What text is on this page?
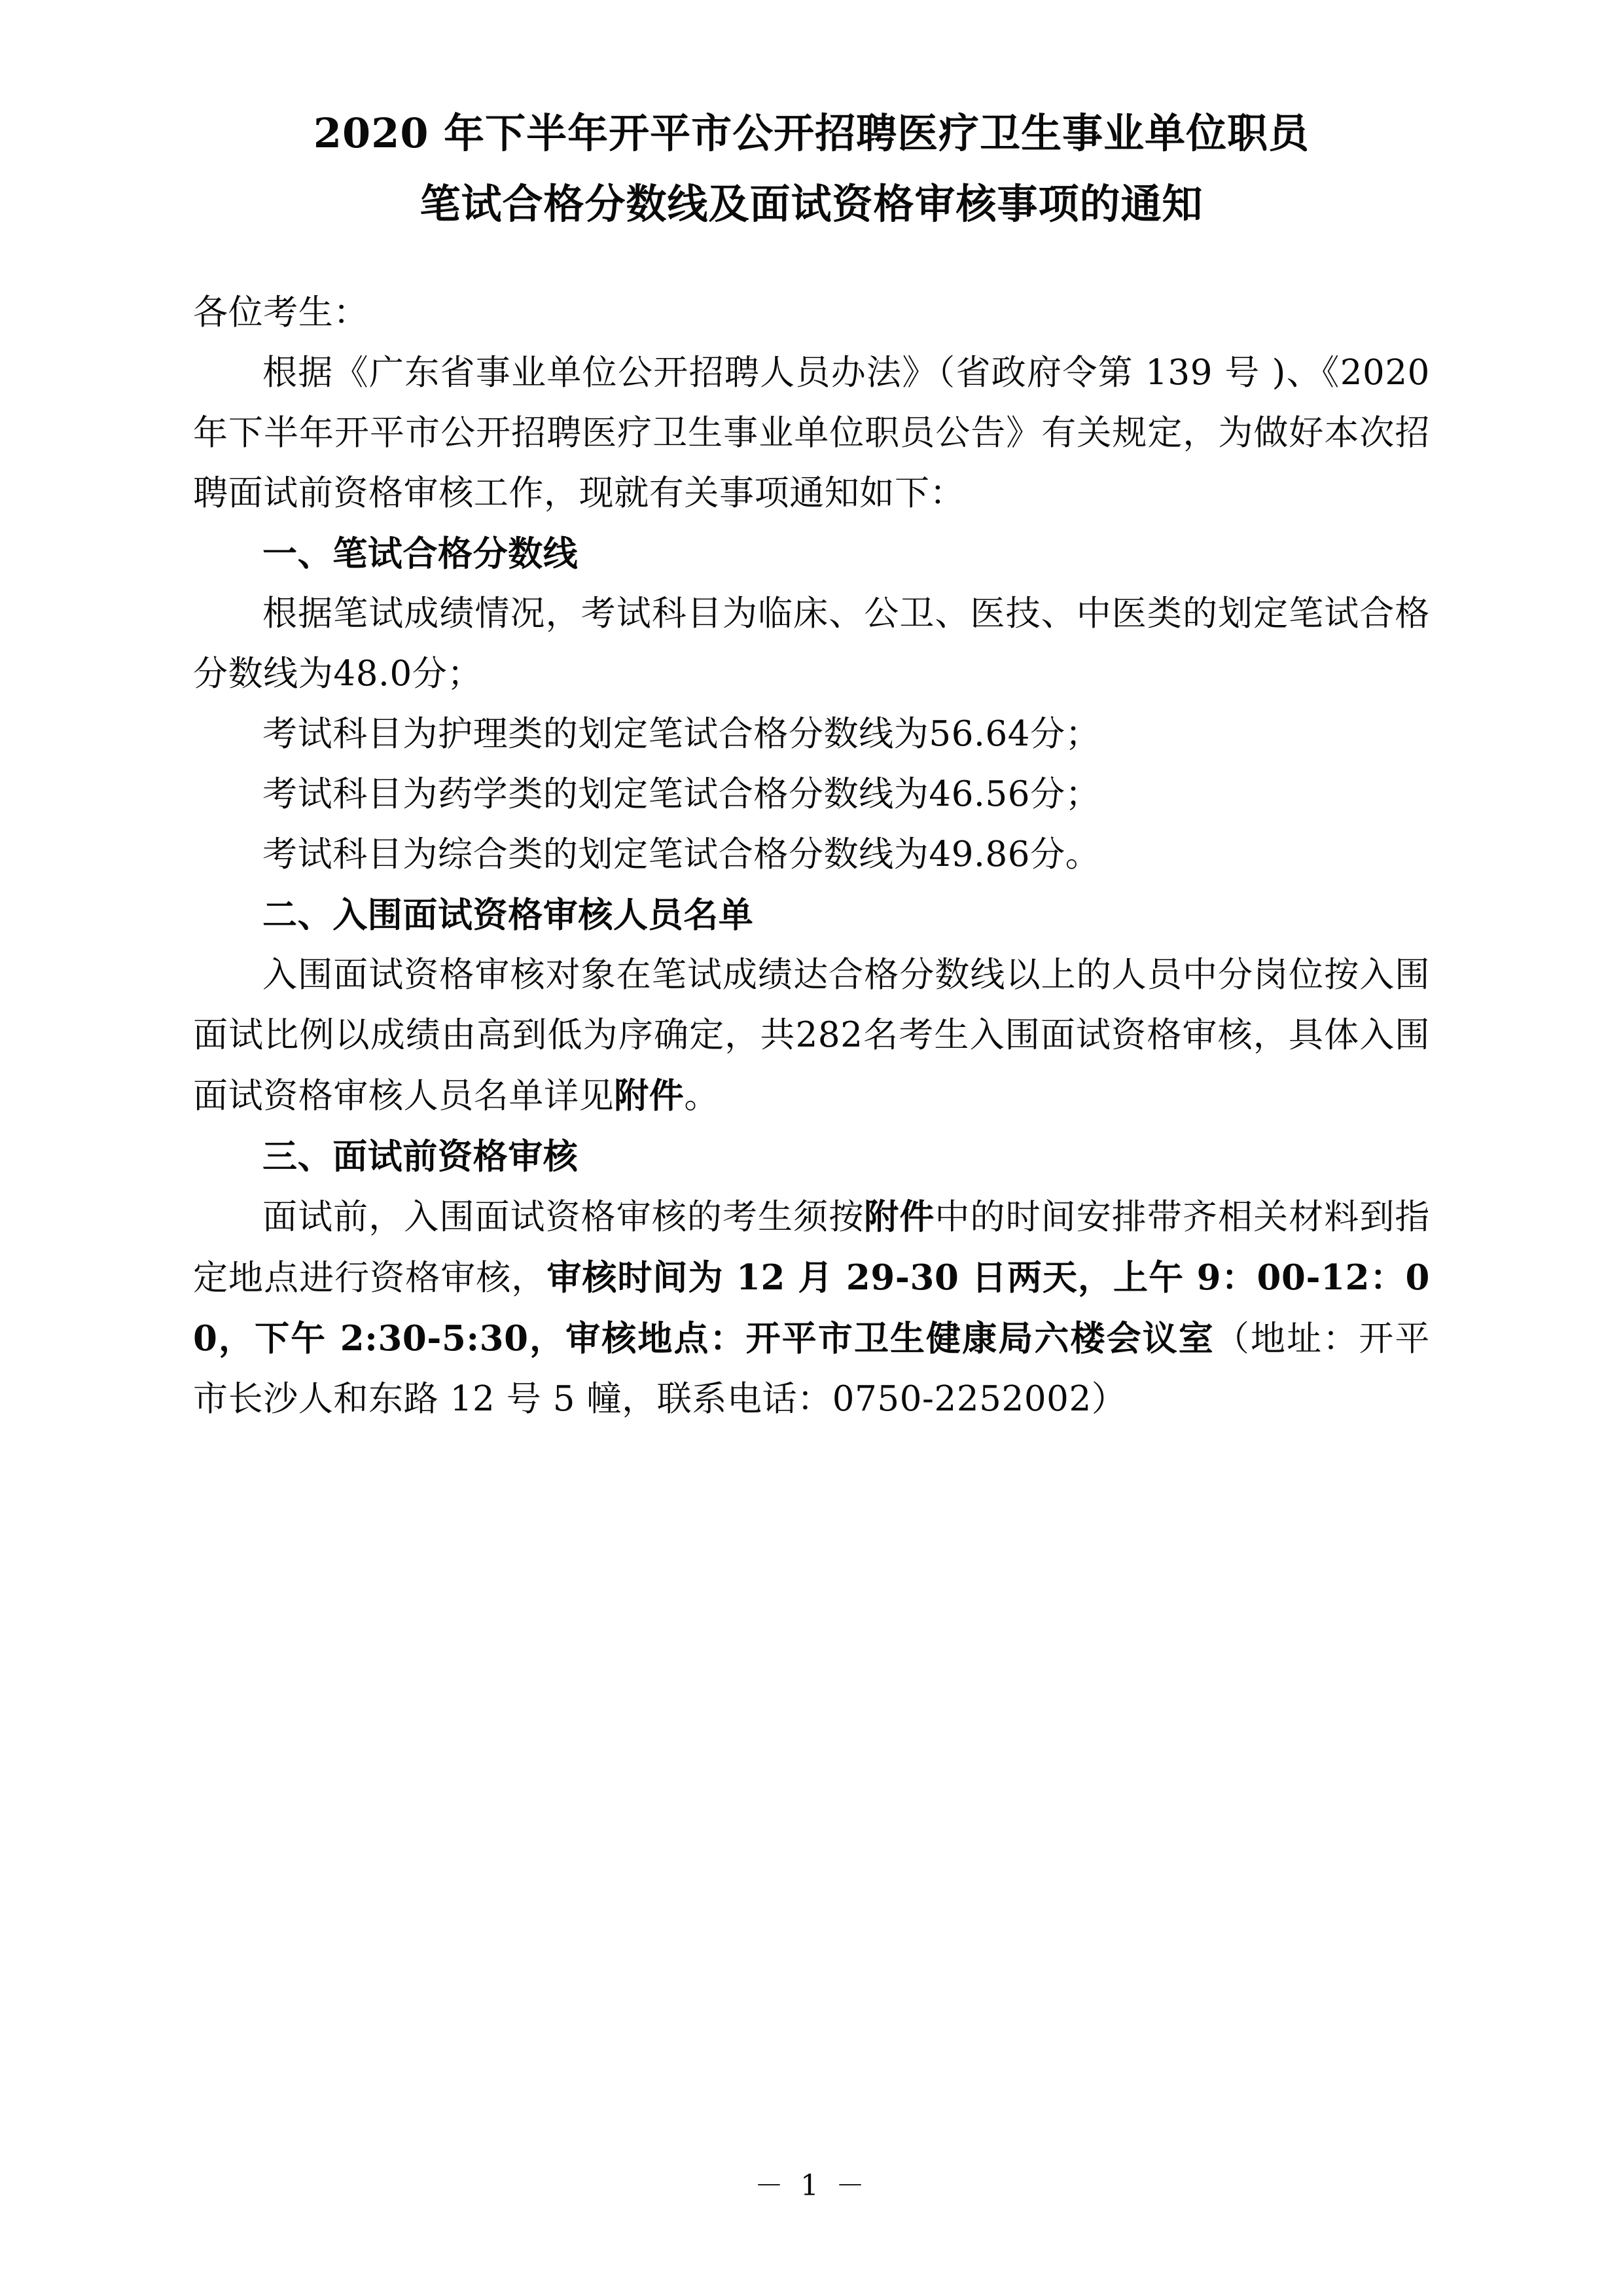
2020 年下半年开平市公开招聘医疗卫生事业单位职员
笔试合格分数线及面试资格审核事项的通知

各位考生：

根据《广东省事业单位公开招聘人员办法》（省政府令第 139 号 )、《2020 年下半年开平市公开招聘医疗卫生事业单位职员公告》有关规定，为做好本次招聘面试前资格审核工作，现就有关事项通知如下：

一、笔试合格分数线

根据笔试成绩情况，考试科目为临床、公卫、医技、中医类的划定笔试合格分数线为48.0分；

考试科目为护理类的划定笔试合格分数线为56.64分；

考试科目为药学类的划定笔试合格分数线为46.56分；

考试科目为综合类的划定笔试合格分数线为49.86分。

二、入围面试资格审核人员名单

入围面试资格审核对象在笔试成绩达合格分数线以上的人员中分岗位按入围面试比例以成绩由高到低为序确定，共282名考生入围面试资格审核，具体入围面试资格审核人员名单详见附件。

三、面试前资格审核

面试前，入围面试资格审核的考生须按附件中的时间安排带齐相关材料到指定地点进行资格审核，审核时间为 12 月 29-30 日两天，上午 9：00-12：00，下午 2:30-5:30，审核地点：开平市卫生健康局六楼会议室（地址：开平市长沙人和东路 12 号 5 幢，联系电话：0750-2252002）

－ 1 －
